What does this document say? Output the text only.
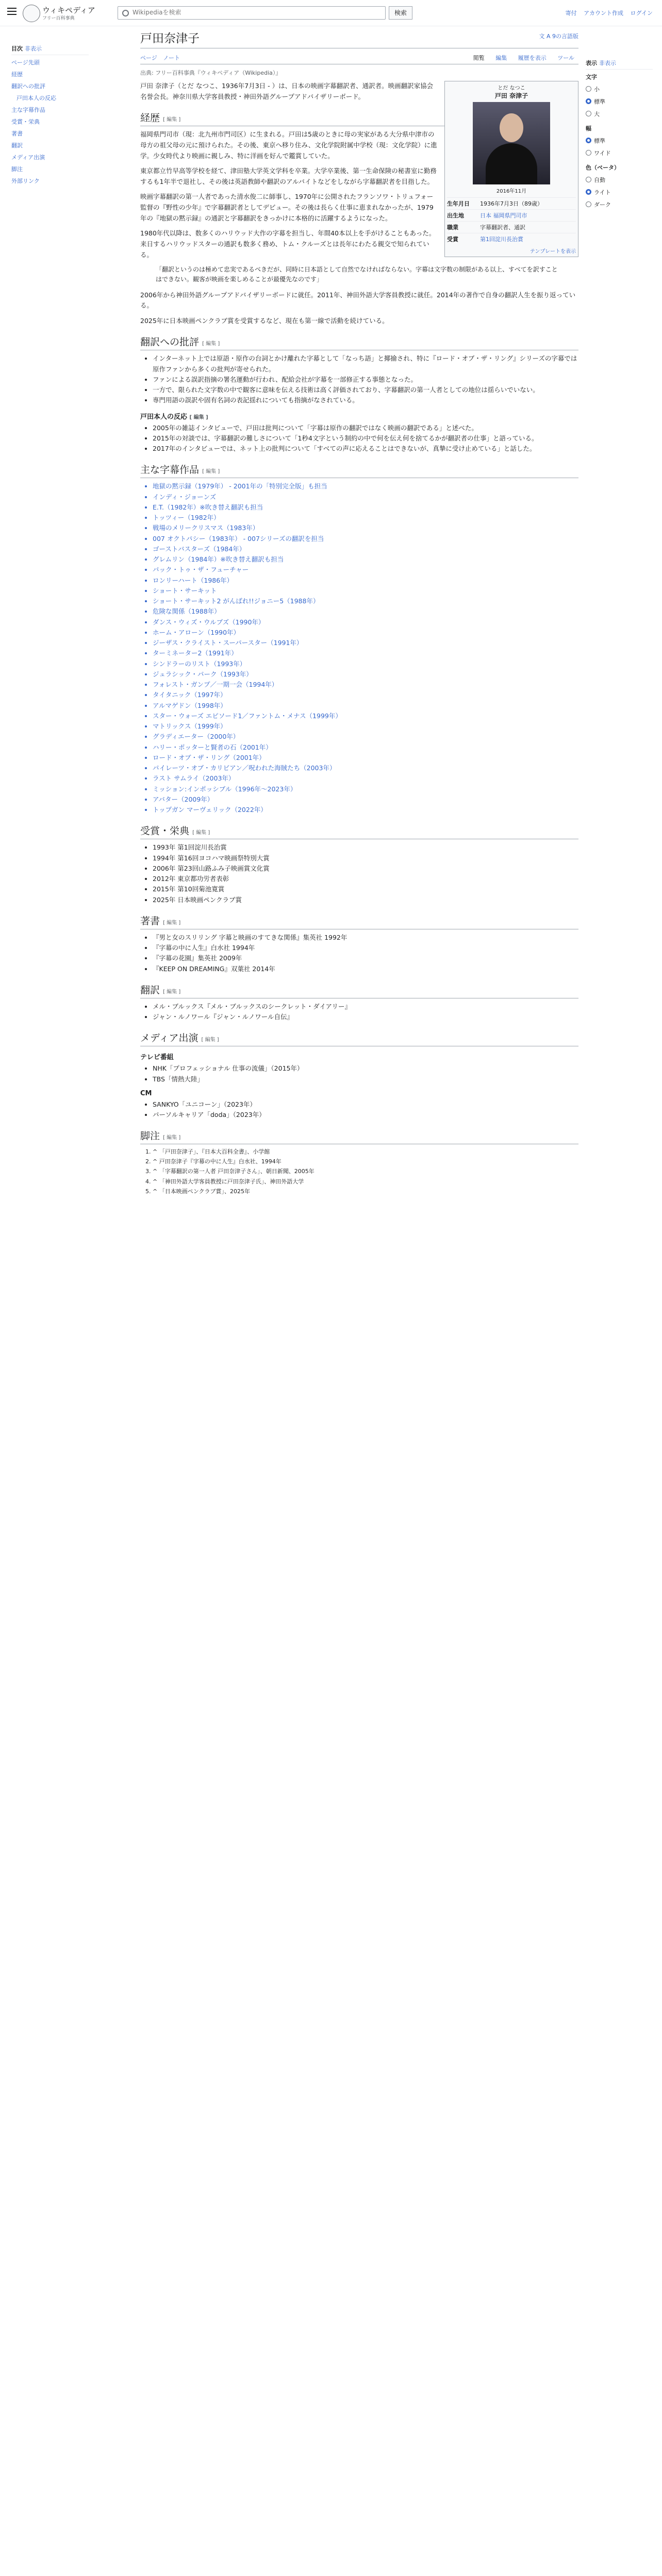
ウィキペディア
フリー百科事典
Wikipediaを検索
検索	寄付 アカウント作成 ログイン
目次 非表示
ページ先頭
経歴
翻訳への批評
戸田本人の反応
主な字幕作品
受賞・栄典
著書
翻訳
メディア出演
脚注
外部リンク
表示 非表示
文字
小
標準
大
幅
標準
ワイド
色（ベータ）
自動
ライト
ダーク
戸田奈津子	文 A 9の言語版
ページ ノート	閲覧 編集 履歴を表示 ツール
出典: フリー百科事典『ウィキペディア（Wikipedia）』
とだ なつこ
戸田 奈津子
2016年11月
生年月日	1936年7月3日（89歳）
出生地	日本 福岡県門司市
職業	字幕翻訳者、通訳
受賞	第1回淀川長治賞
テンプレートを表示

戸田 奈津子（とだ なつこ、1936年7月3日 - ）は、日本の映画字幕翻訳者、通訳者。映画翻訳家協会名誉会長。神奈川県大学客員教授・神田外語グループアドバイザリーボード。

経歴 [ 編集 ]

福岡県門司市（現：北九州市門司区）に生まれる。戸田は5歳のときに母の実家がある大分県中津市の母方の祖父母の元に預けられた。その後、東京へ移り住み、文化学院附属中学校（現：文化学院）に進学。少女時代より映画に親しみ、特に洋画を好んで鑑賞していた。

東京都立竹早高等学校を経て、津田塾大学英文学科を卒業。大学卒業後、第一生命保険の秘書室に勤務するも1年半で退社し、その後は英語教師や翻訳のアルバイトなどをしながら字幕翻訳者を目指した。

映画字幕翻訳の第一人者であった清水俊二に師事し、1970年に公開されたフランソワ・トリュフォー監督の『野性の少年』で字幕翻訳者としてデビュー。その後は長らく仕事に恵まれなかったが、1979年の『地獄の黙示録』の通訳と字幕翻訳をきっかけに本格的に活躍するようになった。

1980年代以降は、数多くのハリウッド大作の字幕を担当し、年間40本以上を手がけることもあった。来日するハリウッドスターの通訳も数多く務め、トム・クルーズとは長年にわたる親交で知られている。

「翻訳というのは極めて忠実であるべきだが、同時に日本語として自然でなければならない。字幕は文字数の制限がある以上、すべてを訳すことはできない。観客が映画を楽しめることが最優先なのです」

2006年から神田外語グループアドバイザリーボードに就任。2011年、神田外語大学客員教授に就任。2014年の著作で自身の翻訳人生を振り返っている。

2025年に日本映画ペンクラブ賞を受賞するなど、現在も第一線で活動を続けている。

翻訳への批評 [ 編集 ]
• インターネット上では原語・原作の台詞とかけ離れた字幕として「なっち語」と揶揄され、特に『ロード・オブ・ザ・リング』シリーズの字幕では原作ファンから多くの批判が寄せられた。
• ファンによる誤訳指摘の署名運動が行われ、配給会社が字幕を一部修正する事態となった。
• 一方で、限られた文字数の中で観客に意味を伝える技術は高く評価されており、字幕翻訳の第一人者としての地位は揺らいでいない。
• 専門用語の誤訳や固有名詞の表記揺れについても指摘がなされている。
戸田本人の反応 [ 編集 ]
• 2005年の雑誌インタビューで、戸田は批判について「字幕は原作の翻訳ではなく映画の翻訳である」と述べた。
• 2015年の対談では、字幕翻訳の難しさについて「1秒4文字という制約の中で何を伝え何を捨てるかが翻訳者の仕事」と語っている。
• 2017年のインタビューでは、ネット上の批判について「すべての声に応えることはできないが、真摯に受け止めている」と話した。
主な字幕作品 [ 編集 ]
• 地獄の黙示録（1979年） - 2001年の「特別完全版」も担当
• インディ・ジョーンズ
• E.T.（1982年）※吹き替え翻訳も担当
• トッツィー（1982年）
• 戦場のメリークリスマス（1983年）
• 007 オクトパシー（1983年） - 007シリーズの翻訳を担当
• ゴーストバスターズ（1984年）
• グレムリン（1984年）※吹き替え翻訳も担当
• バック・トゥ・ザ・フューチャー
• ロンリーハート（1986年）
• ショート・サーキット
• ショート・サーキット2 がんばれ!!ジョニー5（1988年）
• 危険な関係（1988年）
• ダンス・ウィズ・ウルブズ（1990年）
• ホーム・アローン（1990年）
• ジーザス・クライスト・スーパースター（1991年）
• ターミネーター2（1991年）
• シンドラーのリスト（1993年）
• ジュラシック・パーク（1993年）
• フォレスト・ガンプ／一期一会（1994年）
• タイタニック（1997年）
• アルマゲドン（1998年）
• スター・ウォーズ エピソード1／ファントム・メナス（1999年）
• マトリックス（1999年）
• グラディエーター（2000年）
• ハリー・ポッターと賢者の石（2001年）
• ロード・オブ・ザ・リング（2001年）
• パイレーツ・オブ・カリビアン／呪われた海賊たち（2003年）
• ラスト サムライ（2003年）
• ミッション:インポッシブル（1996年～2023年）
• アバター（2009年）
• トップガン マーヴェリック（2022年）
受賞・栄典 [ 編集 ]
• 1993年 第1回淀川長治賞
• 1994年 第16回ヨコハマ映画祭特別大賞
• 2006年 第23回山路ふみ子映画賞文化賞
• 2012年 東京都功労者表彰
• 2015年 第10回菊池寛賞
• 2025年 日本映画ペンクラブ賞
著書 [ 編集 ]
• 『男と女のスリリング 字幕と映画のすてきな関係』集英社 1992年
• 『字幕の中に人生』白水社 1994年
• 『字幕の花園』集英社 2009年
• 『KEEP ON DREAMING』双葉社 2014年
翻訳 [ 編集 ]
• メル・ブルックス『メル・ブルックスのシークレット・ダイアリー』
• ジャン・ルノワール『ジャン・ルノワール自伝』
メディア出演 [ 編集 ]
テレビ番組
• NHK「プロフェッショナル 仕事の流儀」（2015年）
• TBS「情熱大陸」
CM
• SANKYO「ユニコーン」（2023年）
• パーソルキャリア「doda」（2023年）
脚注 [ 編集 ]
1. ^ 「戸田奈津子」、『日本大百科全書』、小学館
2. ^ 戸田奈津子『字幕の中に人生』白水社、1994年
3. ^ 「字幕翻訳の第一人者 戸田奈津子さん」、朝日新聞、2005年
4. ^ 「神田外語大学客員教授に戸田奈津子氏」、神田外語大学
5. ^ 「日本映画ペンクラブ賞」、2025年
